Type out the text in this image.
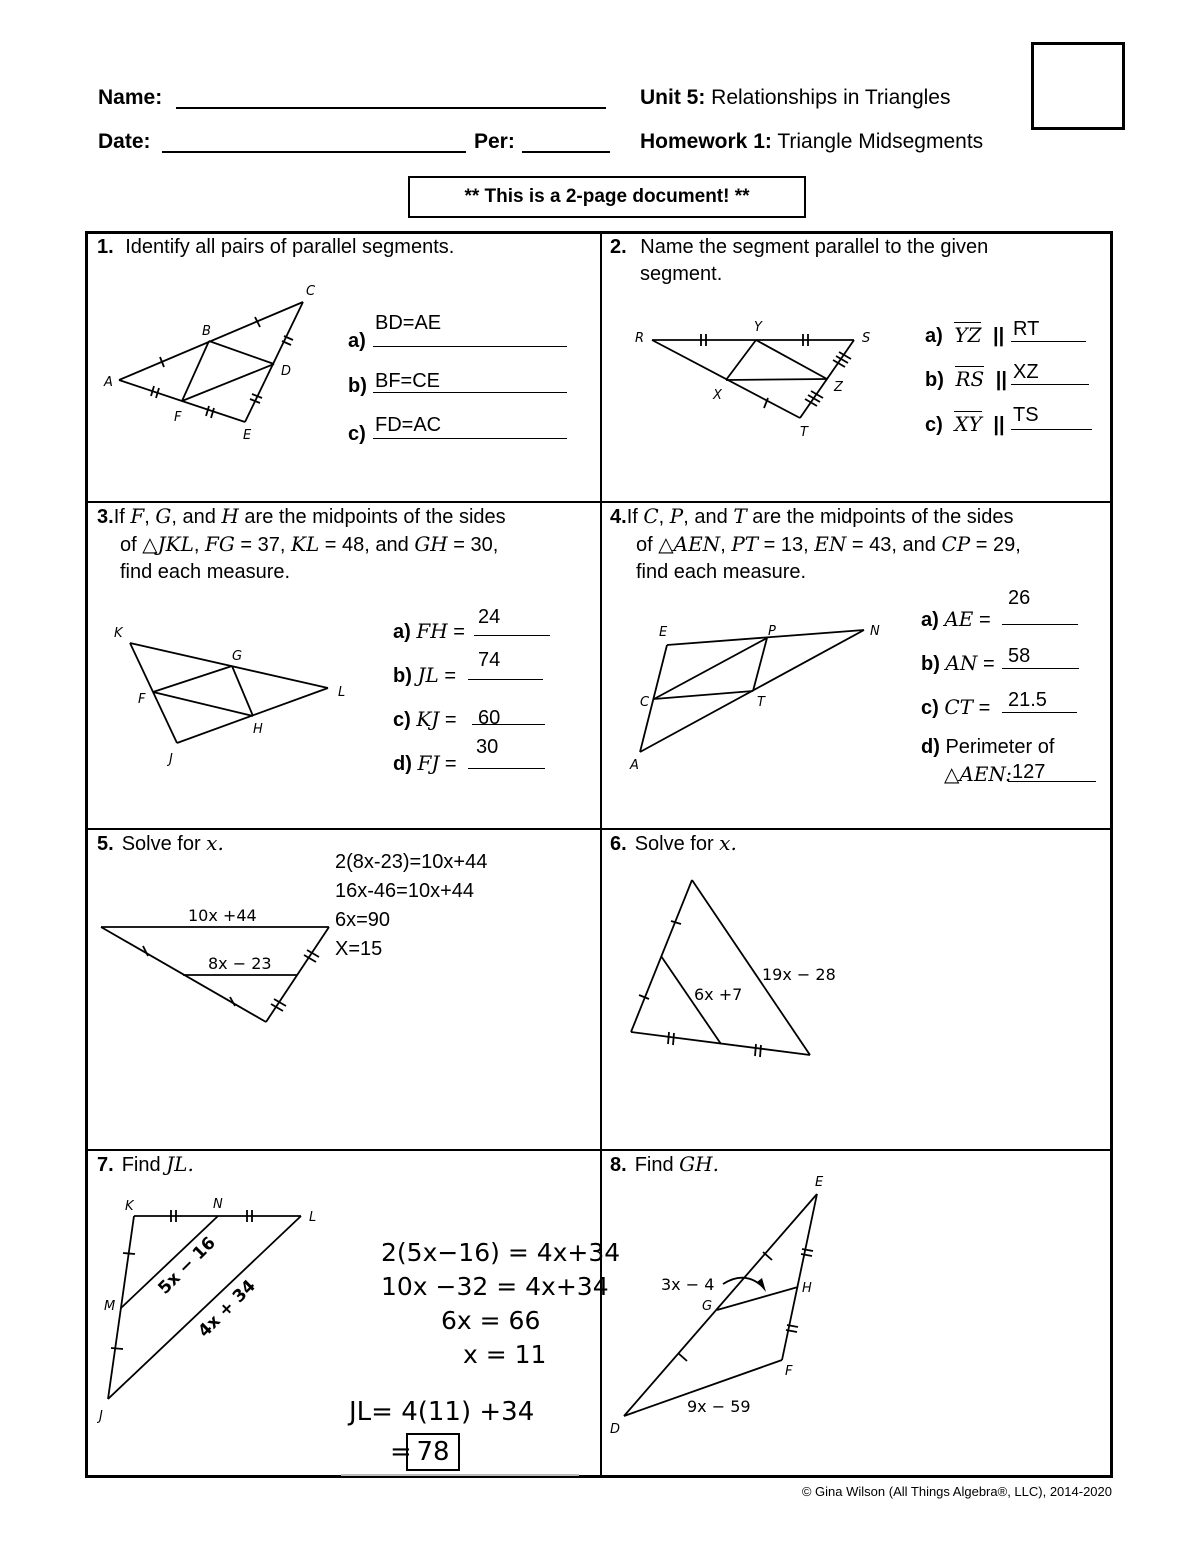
Name:
Date:	Per:
Unit 5: Relationships in Triangles
Homework 1: Triangle Midsegments
** This is a 2-page document! **
1. Identify all pairs of parallel segments.
A
B
C
D
E
F
a)
BD=AE
b) BF=CE
c) FD=AC
2. Name the segment parallel to the given
segment.
R
Y
S
X
Z
T
a) YZ || RT
b) RS || XZ
c) XY || TS
3.If F, G, and H are the midpoints of the sides
of △JKL, FG = 37, KL = 48, and GH = 30,
find each measure.
K
G
F	L
H
J
a) FH =
24
b) JL =
74
c) KJ = 60
d) FJ =
30
4.If C, P, and T are the midpoints of the sides
of △AEN, PT = 13, EN = 43, and CP = 29,
find each measure.
E	P	N
C	T
A
a) AE =
26
b) AN = 58
c) CT = 21.5
d) Perimeter of
△AEN: 127
5. Solve for x.
2(8x-23)=10x+44
16x-46=10x+44
6x=90
X=15
10x +44
8x − 23
6. Solve for x.
19x − 28
6x +7
7. Find JL.
K	N
L
M
J
5x − 16
4x + 34
2(5x−16) = 4x+34
10x −32 = 4x+34
6x = 66
x = 11
JL= 4(11) +34
= 78
8. Find GH.
E
H
G
F
D
3x − 4
9x − 59
© Gina Wilson (All Things Algebra®, LLC), 2014-2020
